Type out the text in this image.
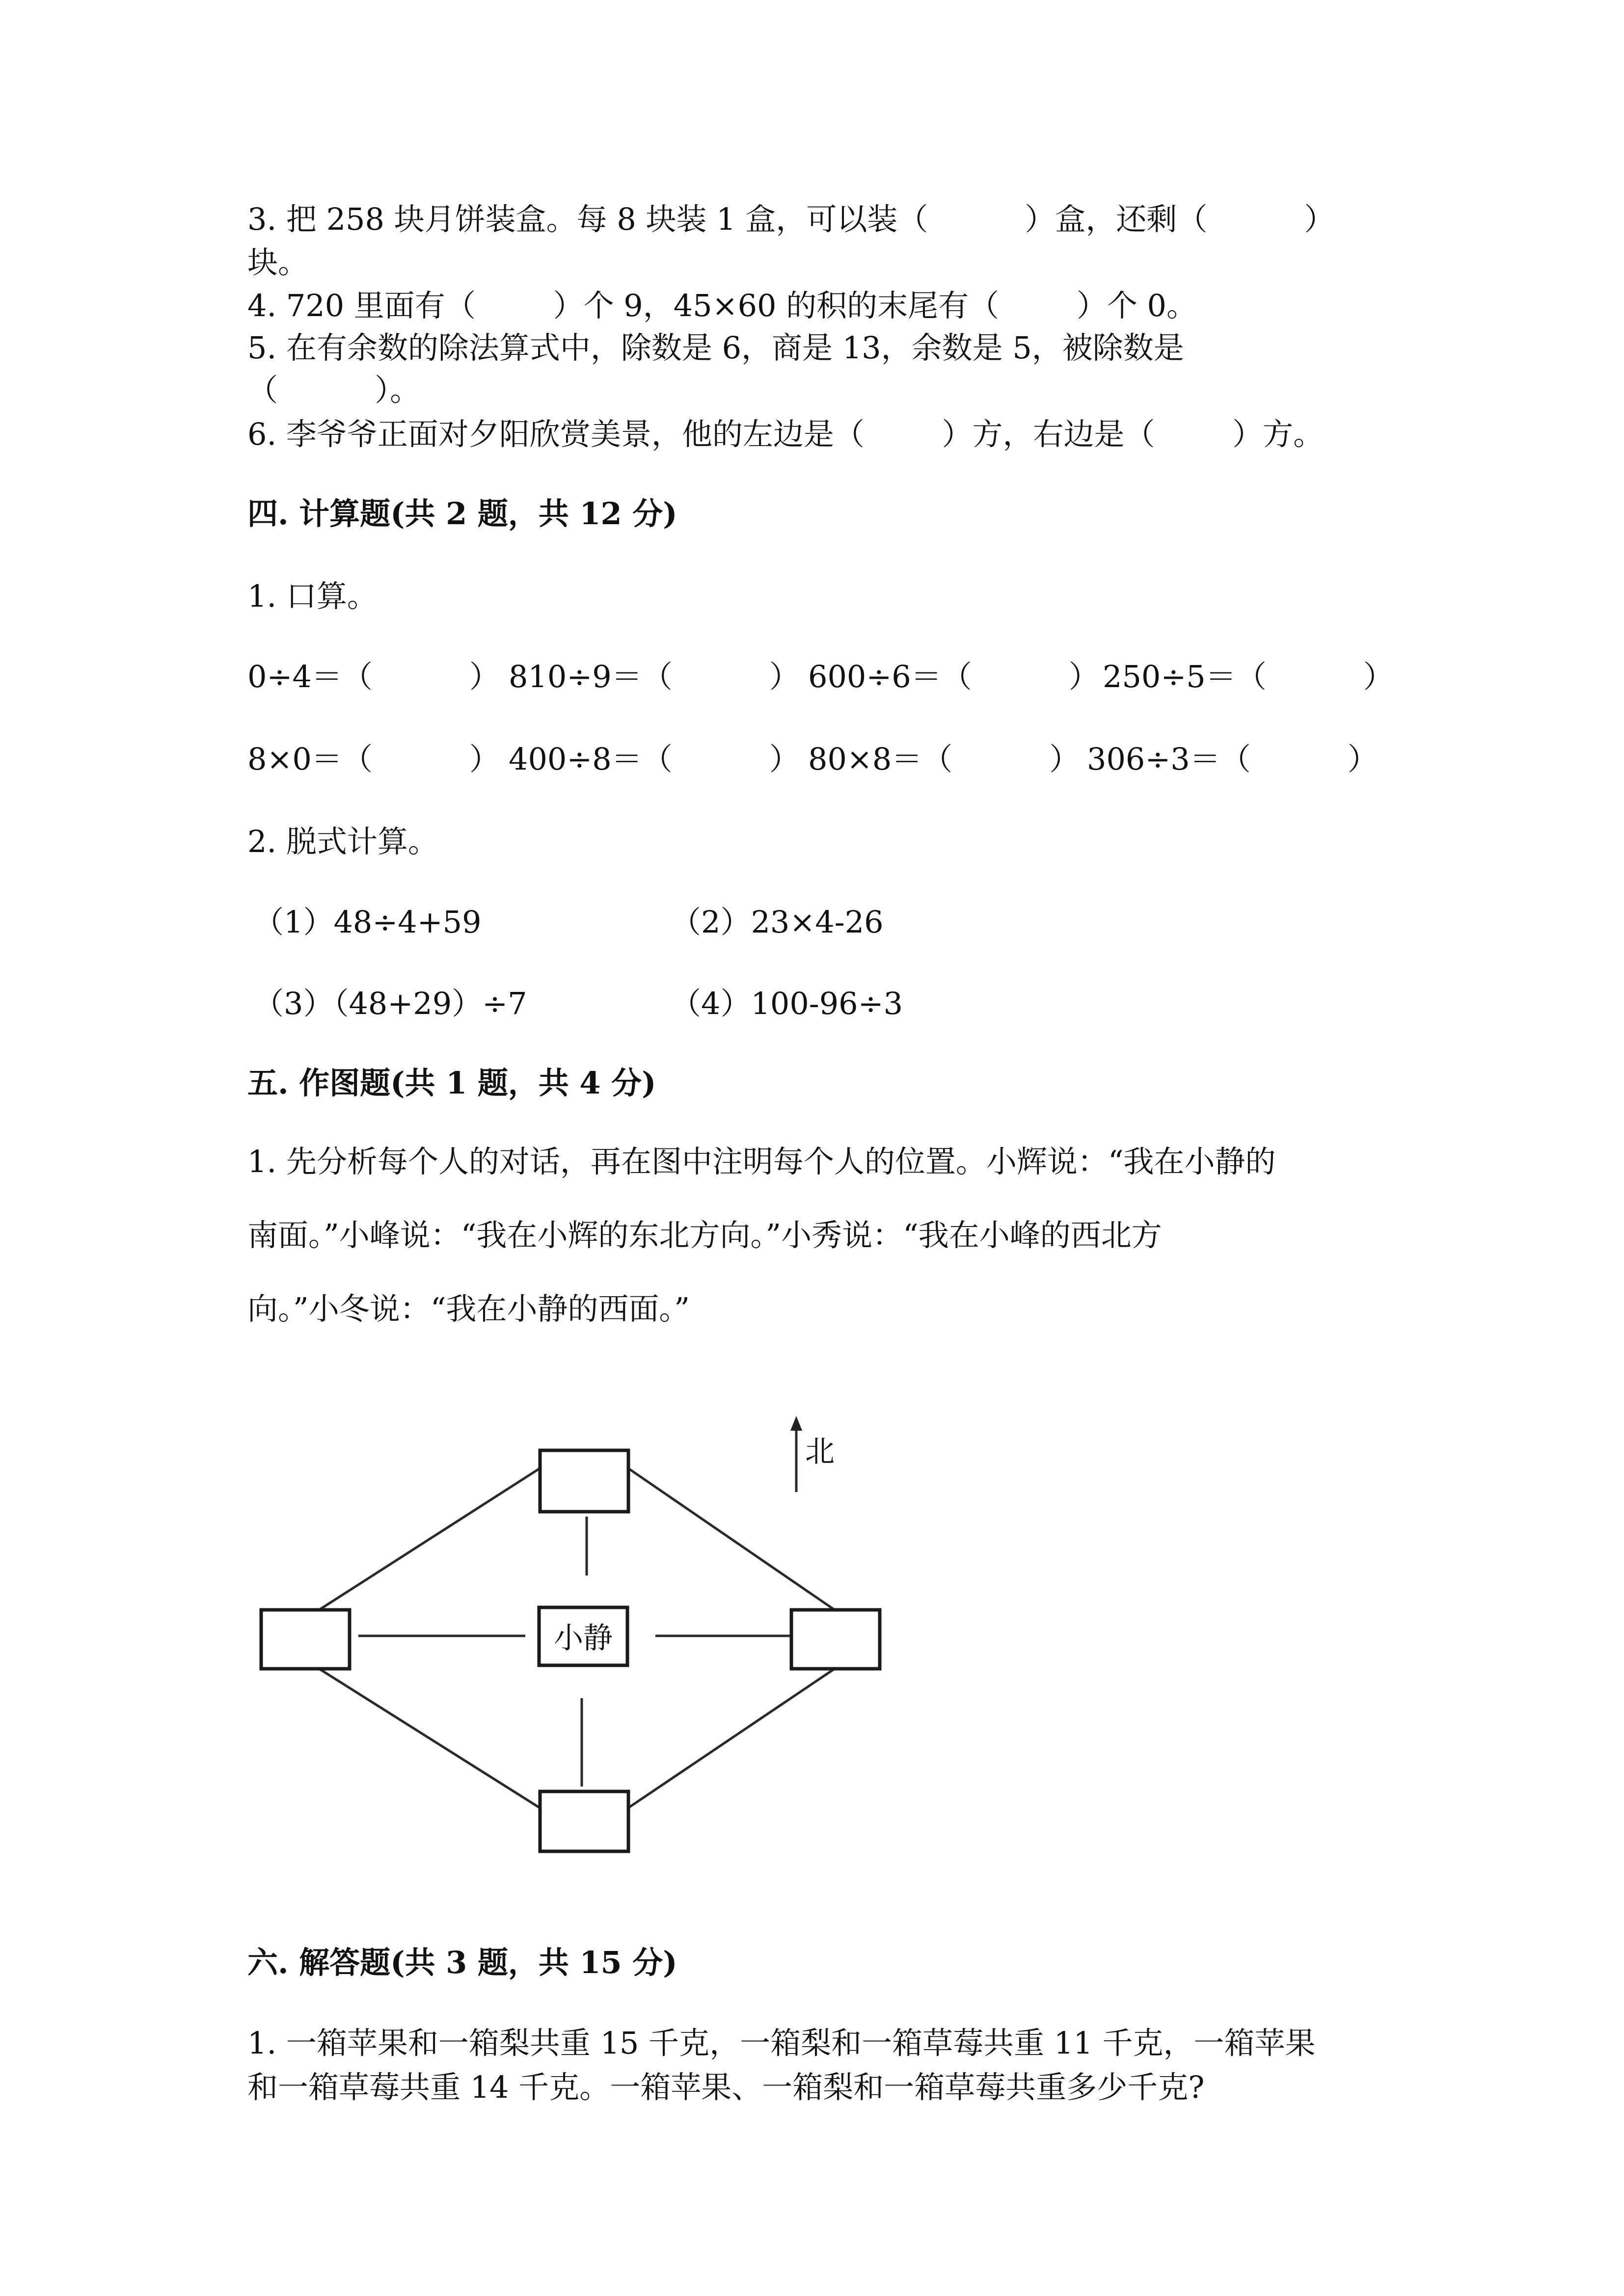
3. 把 258 块月饼装盒。每 8 块装 1 盒，可以装（          ）盒，还剩（          ）

块。

4. 720 里面有（        ）个 9，45×60 的积的末尾有（        ）个 0。

5. 在有余数的除法算式中，除数是 6，商是 13，余数是 5，被除数是

（          ）。

6. 李爷爷正面对夕阳欣赏美景，他的左边是（        ）方，右边是（        ）方。

四. 计算题(共 2 题，共 12 分)

1. 口算。

0÷4＝（          ） 810÷9＝（          ） 600÷6＝（          ） 250÷5＝（          ）
8×0＝（          ） 400÷8＝（          ） 80×8＝（          ） 306÷3＝（          ）

2. 脱式计算。

（1）48÷4+59	（2）23×4-26
（3）（48+29）÷7	（4）100-96÷3

五. 作图题(共 1 题，共 4 分)

1. 先分析每个人的对话，再在图中注明每个人的位置。小辉说：“我在小静的

南面。”小峰说：“我在小辉的东北方向。”小秀说：“我在小峰的西北方

向。”小冬说：“我在小静的西面。”

小静
北

六. 解答题(共 3 题，共 15 分)

1. 一箱苹果和一箱梨共重 15 千克，一箱梨和一箱草莓共重 11 千克，一箱苹果

和一箱草莓共重 14 千克。一箱苹果、一箱梨和一箱草莓共重多少千克?
